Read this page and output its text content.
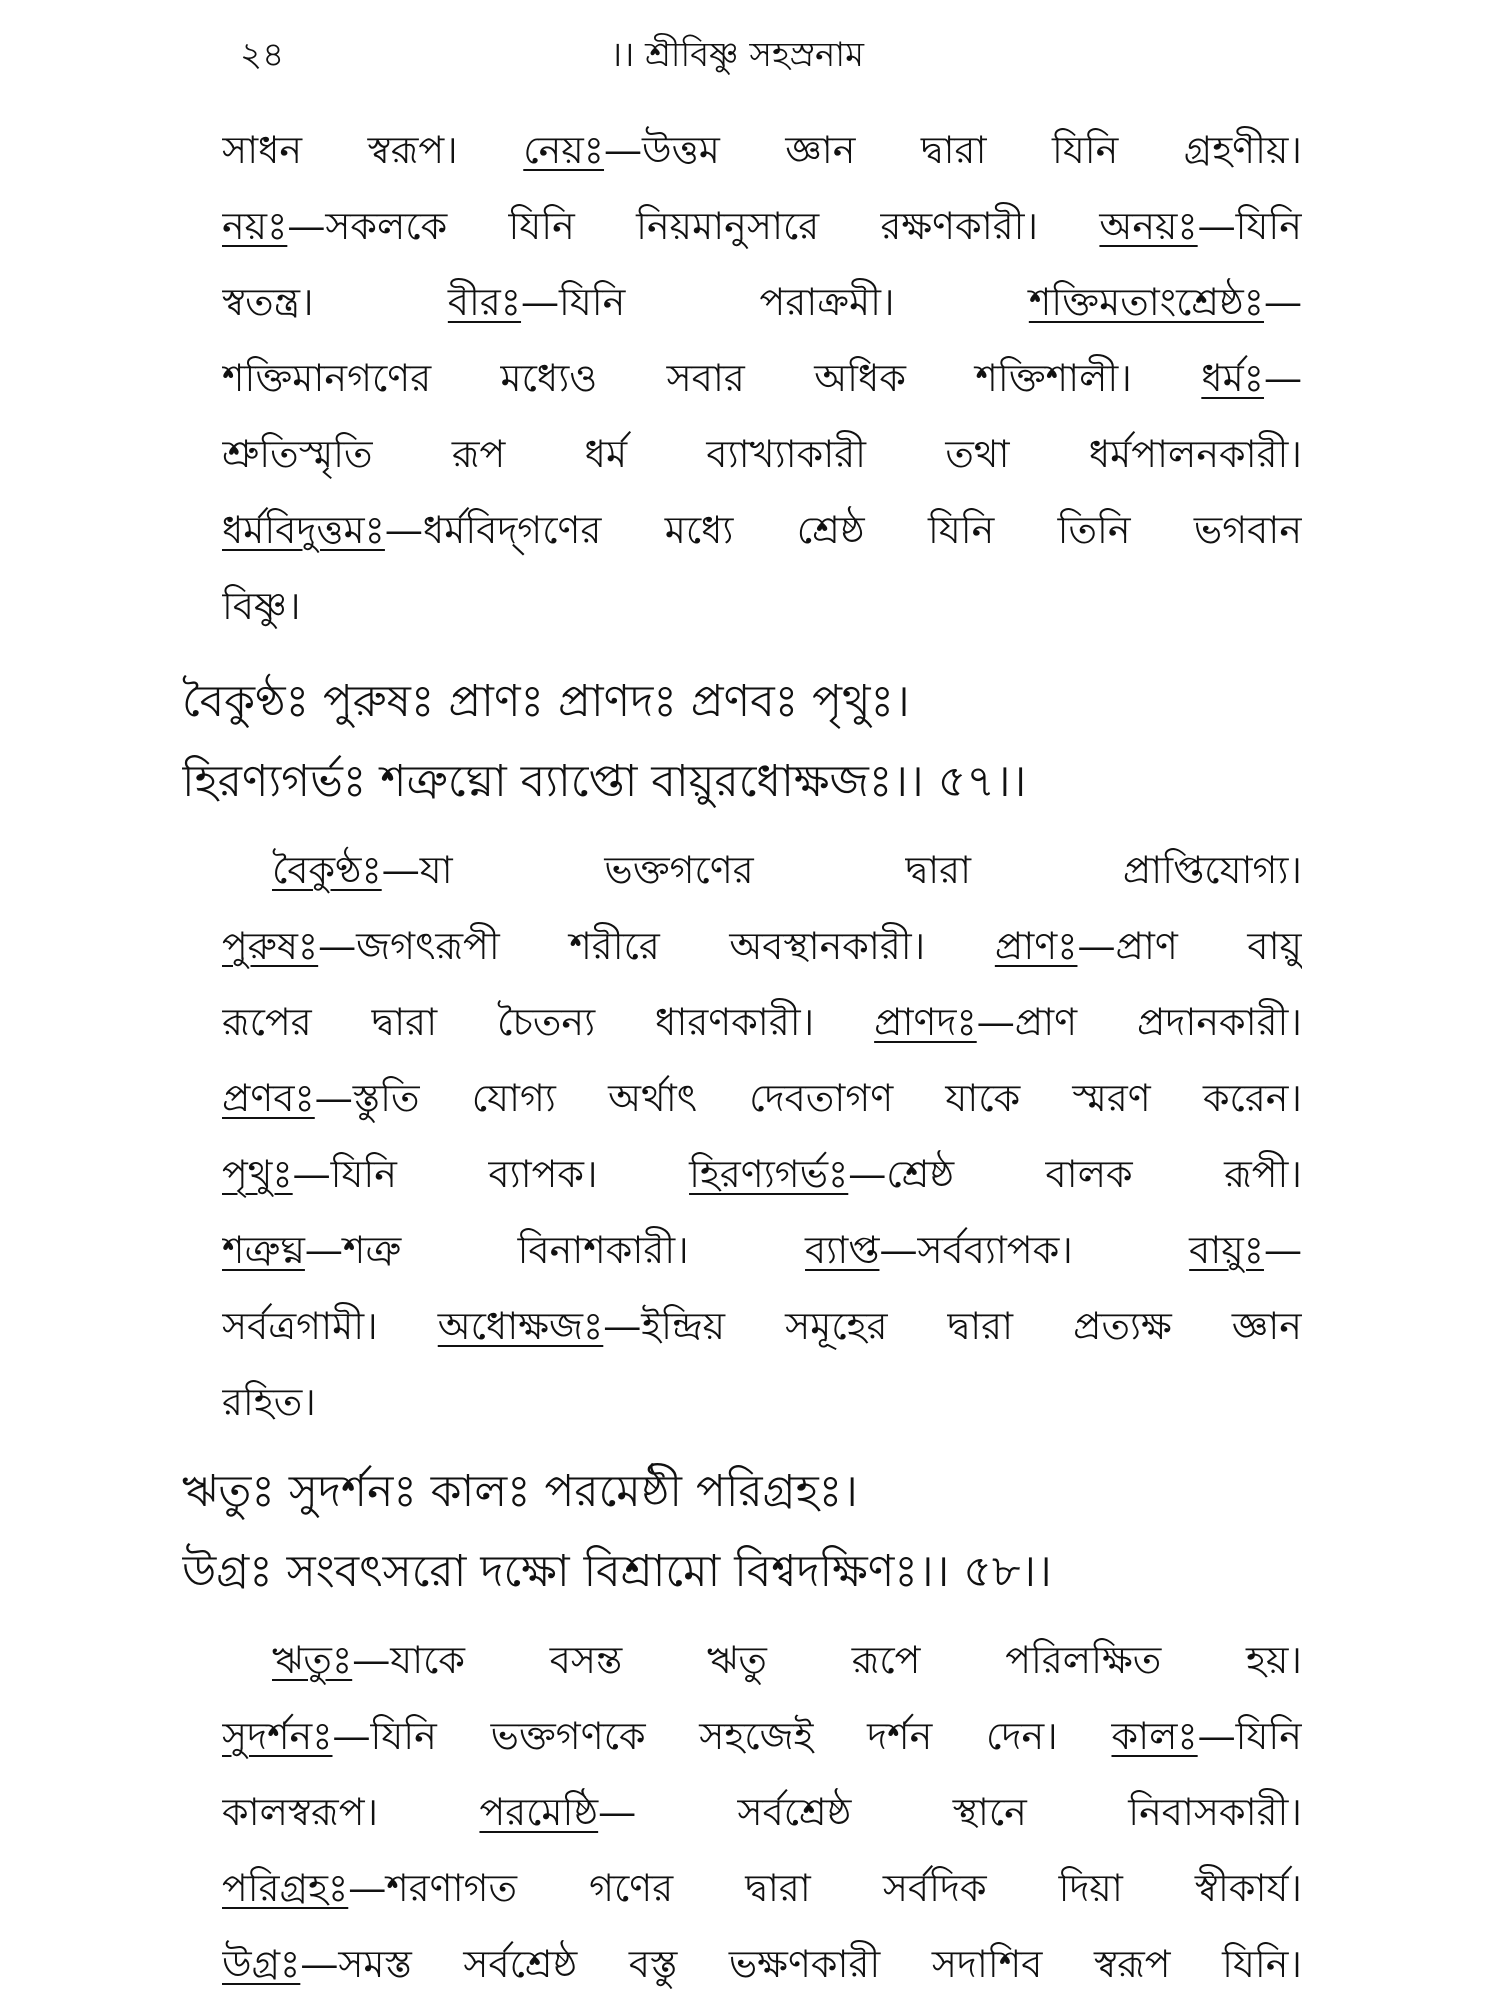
২৪	।। শ্রীবিষ্ণু সহস্রনাম
সাধন স্বরূপ। নেয়ঃ—উত্তম জ্ঞান দ্বারা যিনি গ্রহণীয়।
নয়ঃ—সকলকে যিনি নিয়মানুসারে রক্ষণকারী। অনয়ঃ—যিনি
স্বতন্ত্র। বীরঃ—যিনি পরাক্রমী। শক্তিমতাংশ্রেষ্ঠঃ—
শক্তিমানগণের মধ্যেও সবার অধিক শক্তিশালী। ধর্মঃ—
শ্রুতিস্মৃতি রূপ ধর্ম ব্যাখ্যাকারী তথা ধর্মপালনকারী।
ধর্মবিদুত্তমঃ—ধর্মবিদ্‌গণের মধ্যে শ্রেষ্ঠ যিনি তিনি ভগবান
বিষ্ণু।
বৈকুণ্ঠঃ পুরুষঃ প্রাণঃ প্রাণদঃ প্রণবঃ পৃথুঃ।
হিরণ্যগর্ভঃ শত্রুঘ্নো ব্যাপ্তো বায়ুরধোক্ষজঃ।। ৫৭।।
বৈকুণ্ঠঃ—যা ভক্তগণের দ্বারা প্রাপ্তিযোগ্য।
পুরুষঃ—জগৎরূপী শরীরে অবস্থানকারী। প্রাণঃ—প্রাণ বায়ু
রূপের দ্বারা চৈতন্য ধারণকারী। প্রাণদঃ—প্রাণ প্রদানকারী।
প্রণবঃ—স্তুতি যোগ্য অর্থাৎ দেবতাগণ যাকে স্মরণ করেন।
পৃথুঃ—যিনি ব্যাপক। হিরণ্যগর্ভঃ—শ্রেষ্ঠ বালক রূপী।
শত্রুঘ্ন—শত্রু বিনাশকারী। ব্যাপ্ত—সর্বব্যাপক। বায়ুঃ—
সর্বত্রগামী। অধোক্ষজঃ—ইন্দ্রিয় সমূহের দ্বারা প্রত্যক্ষ জ্ঞান
রহিত।
ঋতুঃ সুদর্শনঃ কালঃ পরমেষ্ঠী পরিগ্রহঃ।
উগ্রঃ সংবৎসরো দক্ষো বিশ্রামো বিশ্বদক্ষিণঃ।। ৫৮।।
ঋতুঃ—যাকে বসন্ত ঋতু রূপে পরিলক্ষিত হয়।
সুদর্শনঃ—যিনি ভক্তগণকে সহজেই দর্শন দেন। কালঃ—যিনি
কালস্বরূপ। পরমেষ্ঠি— সর্বশ্রেষ্ঠ স্থানে নিবাসকারী।
পরিগ্রহঃ—শরণাগত গণের দ্বারা সর্বদিক দিয়া স্বীকার্য।
উগ্রঃ—সমস্ত সর্বশ্রেষ্ঠ বস্তু ভক্ষণকারী সদাশিব স্বরূপ যিনি।
